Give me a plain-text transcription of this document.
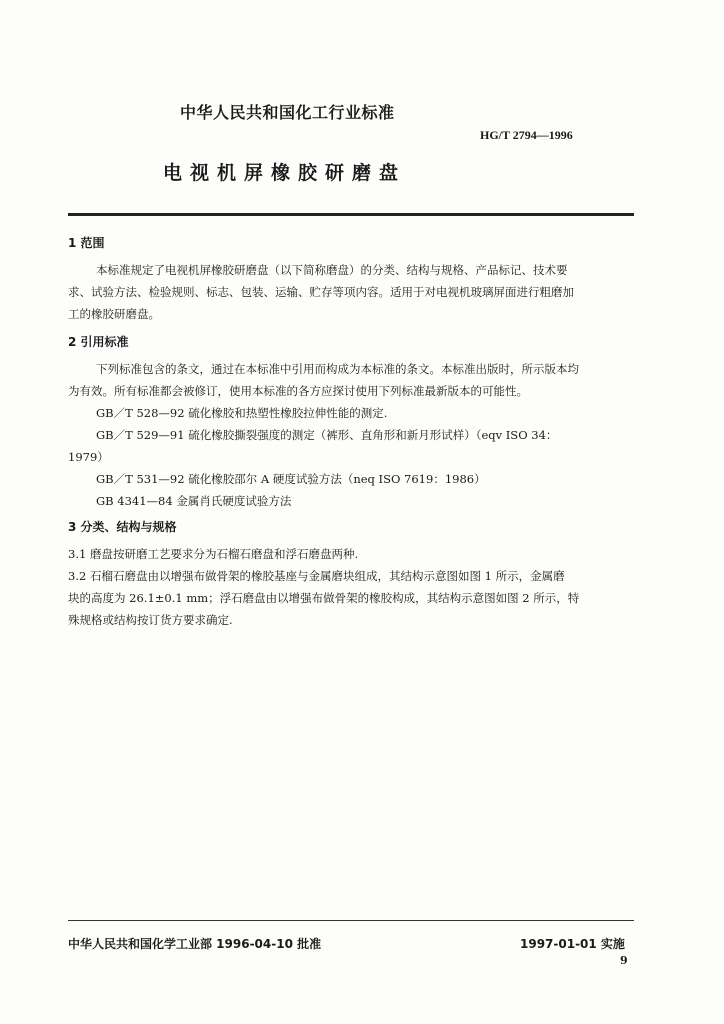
中华人民共和国化工行业标准
HG/T 2794—1996
电视机屏橡胶研磨盘
1 范围
本标准规定了电视机屏橡胶研磨盘（以下简称磨盘）的分类、结构与规格、产品标记、技术要
求、试验方法、检验规则、标志、包装、运输、贮存等项内容。适用于对电视机玻璃屏面进行粗磨加
工的橡胶研磨盘。
2 引用标准
下列标准包含的条文，通过在本标准中引用而构成为本标准的条文。本标准出版时，所示版本均
为有效。所有标准都会被修订，使用本标准的各方应探讨使用下列标准最新版本的可能性。
GB／T 528—92 硫化橡胶和热塑性橡胶拉伸性能的测定.
GB／T 529—91 硫化橡胶撕裂强度的测定（裤形、直角形和新月形试样）（eqv ISO 34：
1979）
GB／T 531—92 硫化橡胶邵尔 A 硬度试验方法（neq ISO 7619：1986）
GB 4341—84 金属肖氏硬度试验方法
3 分类、结构与规格
3.1 磨盘按研磨工艺要求分为石榴石磨盘和浮石磨盘两种.
3.2 石榴石磨盘由以增强布做骨架的橡胶基座与金属磨块组成，其结构示意图如图 1 所示，金属磨
块的高度为 26.1±0.1 mm；浮石磨盘由以增强布做骨架的橡胶构成，其结构示意图如图 2 所示，特
殊规格或结构按订货方要求确定.
中华人民共和国化学工业部 1996-04-10 批准	1997-01-01 实施
9
